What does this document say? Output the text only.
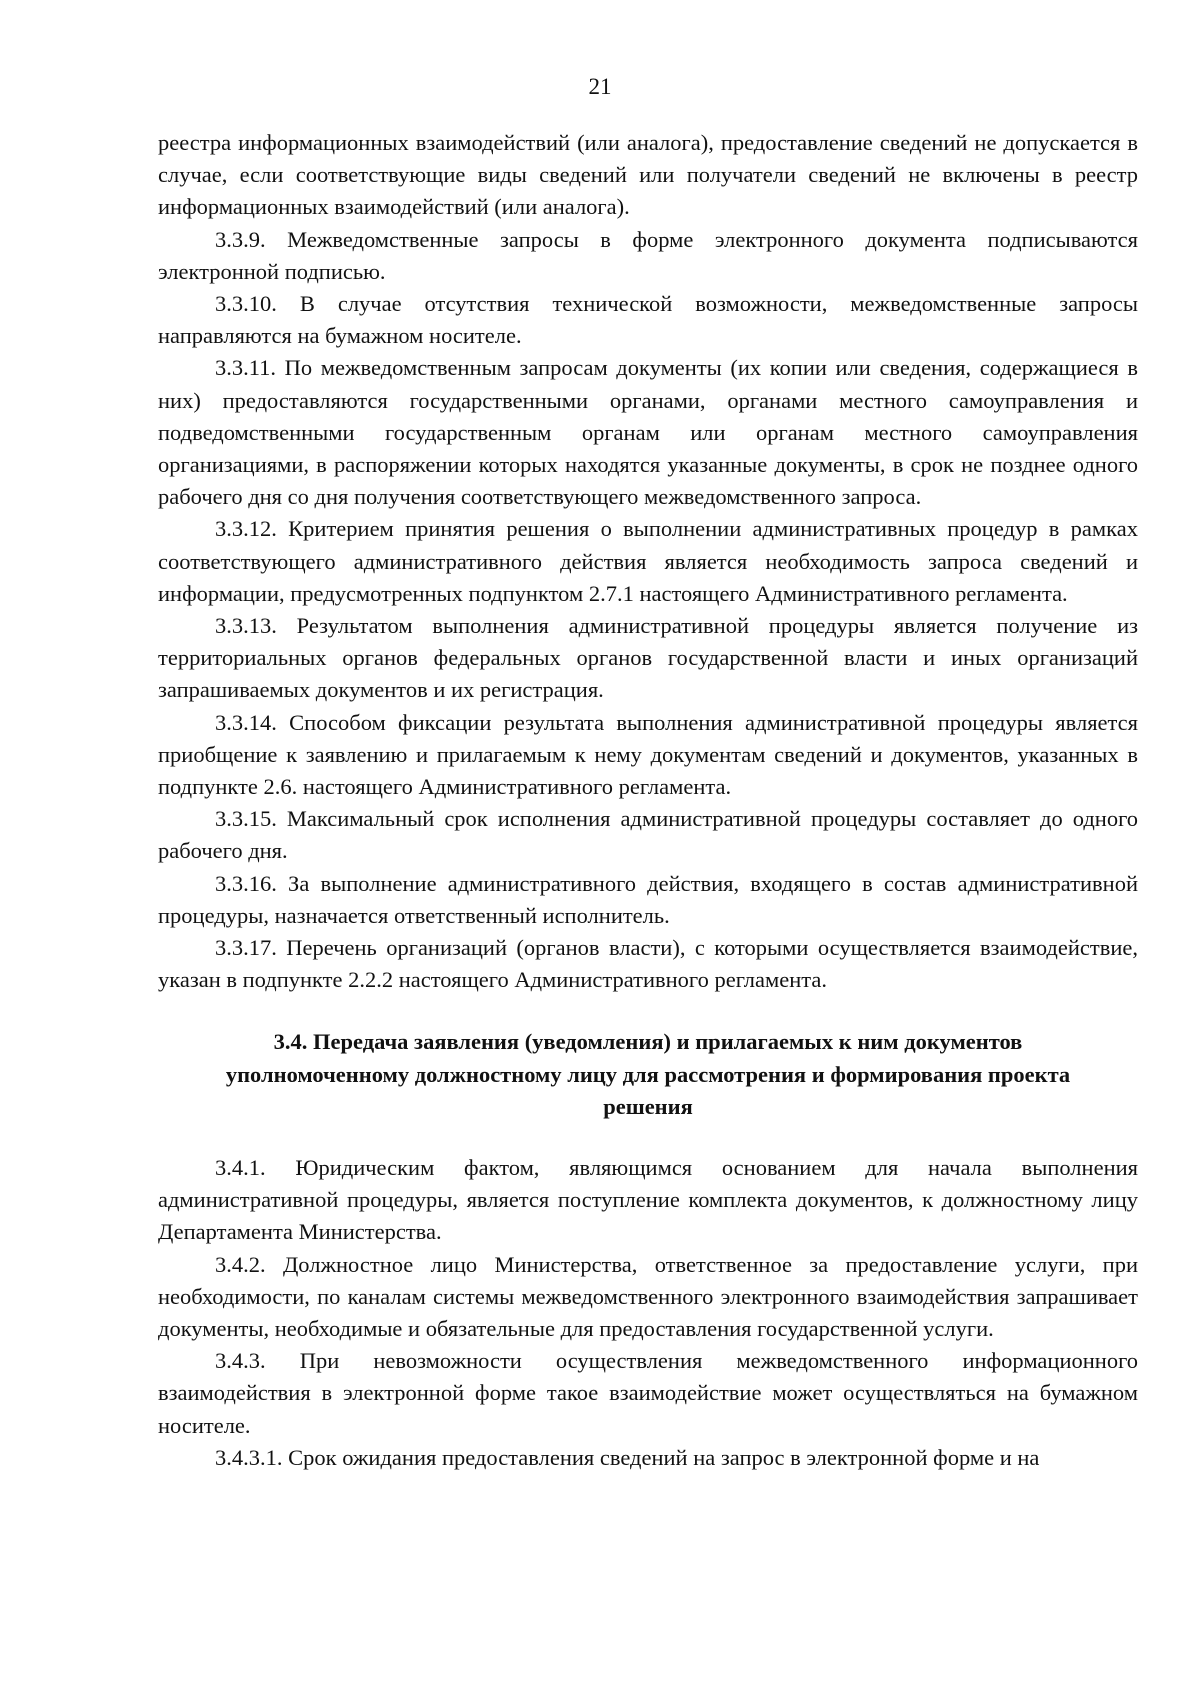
21

реестра информационных взаимодействий (или аналога), предоставление сведений не допускается в случае, если соответствующие виды сведений или получатели сведений не включены в реестр информационных взаимодействий (или аналога).

3.3.9. Межведомственные запросы в форме электронного документа подписываются электронной подписью.

3.3.10. В случае отсутствия технической возможности, межведомственные запросы направляются на бумажном носителе.

3.3.11. По межведомственным запросам документы (их копии или сведения, содержащиеся в них) предоставляются государственными органами, органами местного самоуправления и подведомственными государственным органам или органам местного самоуправления организациями, в распоряжении которых находятся указанные документы, в срок не позднее одного рабочего дня со дня получения соответствующего межведомственного запроса.

3.3.12. Критерием принятия решения о выполнении административных процедур в рамках соответствующего административного действия является необходимость запроса сведений и информации, предусмотренных подпунктом 2.7.1 настоящего Административного регламента.

3.3.13. Результатом выполнения административной процедуры является получение из территориальных органов федеральных органов государственной власти и иных организаций запрашиваемых документов и их регистрация.

3.3.14. Способом фиксации результата выполнения административной процедуры является приобщение к заявлению и прилагаемым к нему документам сведений и документов, указанных в подпункте 2.6. настоящего Административного регламента.

3.3.15. Максимальный срок исполнения административной процедуры составляет до одного рабочего дня.

3.3.16. За выполнение административного действия, входящего в состав административной процедуры, назначается ответственный исполнитель.

3.3.17. Перечень организаций (органов власти), с которыми осуществляется взаимодействие, указан в подпункте 2.2.2 настоящего Административного регламента.

3.4. Передача заявления (уведомления) и прилагаемых к ним документов
уполномоченному должностному лицу для рассмотрения и формирования проекта
решения

3.4.1. Юридическим фактом, являющимся основанием для начала выполнения административной процедуры, является поступление комплекта документов, к должностному лицу Департамента Министерства.

3.4.2. Должностное лицо Министерства, ответственное за предоставление услуги, при необходимости, по каналам системы межведомственного электронного взаимодействия запрашивает документы, необходимые и обязательные для предоставления государственной услуги.

3.4.3. При невозможности осуществления межведомственного информационного взаимодействия в электронной форме такое взаимодействие может осуществляться на бумажном носителе.

3.4.3.1. Срок ожидания предоставления сведений на запрос в электронной форме и на
